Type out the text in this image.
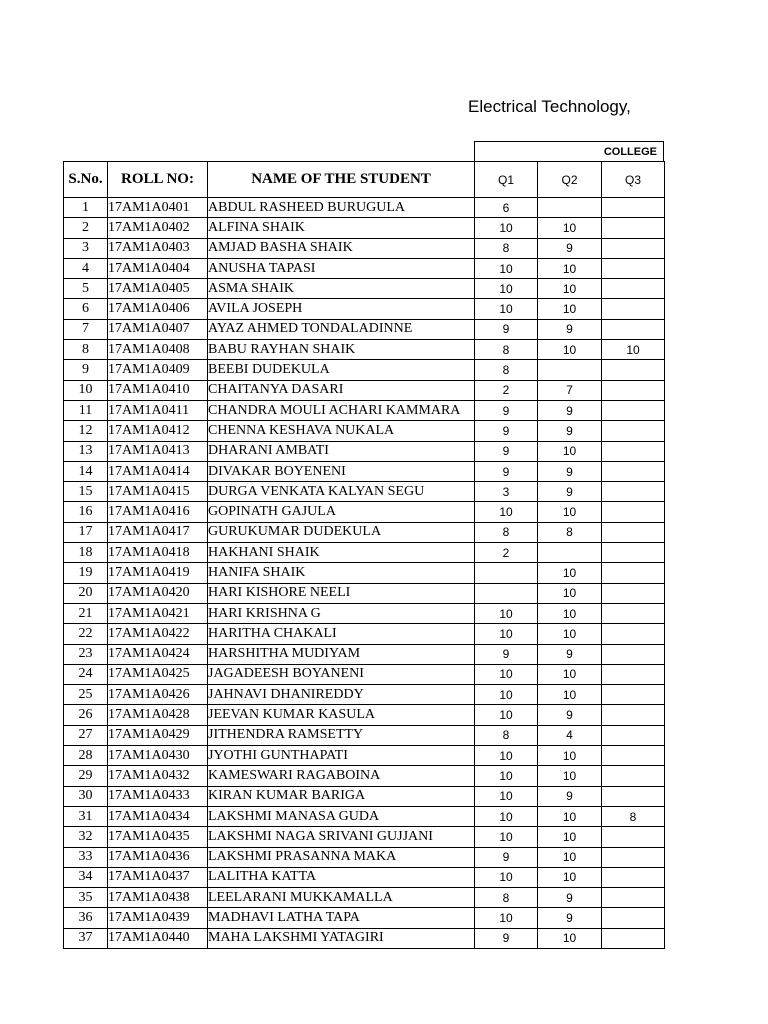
Electrical Technology,
COLLEGE
S.No.	ROLL NO:	NAME OF THE STUDENT	Q1	Q2	Q3
1	17AM1A0401	ABDUL RASHEED BURUGULA	6		
2	17AM1A0402	ALFINA SHAIK	10	10	
3	17AM1A0403	AMJAD BASHA SHAIK	8	9	
4	17AM1A0404	ANUSHA TAPASI	10	10	
5	17AM1A0405	ASMA SHAIK	10	10	
6	17AM1A0406	AVILA JOSEPH	10	10	
7	17AM1A0407	AYAZ AHMED TONDALADINNE	9	9	
8	17AM1A0408	BABU RAYHAN SHAIK	8	10	10
9	17AM1A0409	BEEBI DUDEKULA	8		
10	17AM1A0410	CHAITANYA DASARI	2	7	
11	17AM1A0411	CHANDRA MOULI ACHARI KAMMARA	9	9	
12	17AM1A0412	CHENNA KESHAVA NUKALA	9	9	
13	17AM1A0413	DHARANI AMBATI	9	10	
14	17AM1A0414	DIVAKAR BOYENENI	9	9	
15	17AM1A0415	DURGA VENKATA KALYAN SEGU	3	9	
16	17AM1A0416	GOPINATH GAJULA	10	10	
17	17AM1A0417	GURUKUMAR DUDEKULA	8	8	
18	17AM1A0418	HAKHANI SHAIK	2		
19	17AM1A0419	HANIFA SHAIK		10	
20	17AM1A0420	HARI KISHORE NEELI		10	
21	17AM1A0421	HARI KRISHNA G	10	10	
22	17AM1A0422	HARITHA CHAKALI	10	10	
23	17AM1A0424	HARSHITHA MUDIYAM	9	9	
24	17AM1A0425	JAGADEESH BOYANENI	10	10	
25	17AM1A0426	JAHNAVI DHANIREDDY	10	10	
26	17AM1A0428	JEEVAN KUMAR KASULA	10	9	
27	17AM1A0429	JITHENDRA RAMSETTY	8	4	
28	17AM1A0430	JYOTHI GUNTHAPATI	10	10	
29	17AM1A0432	KAMESWARI RAGABOINA	10	10	
30	17AM1A0433	KIRAN KUMAR BARIGA	10	9	
31	17AM1A0434	LAKSHMI MANASA GUDA	10	10	8
32	17AM1A0435	LAKSHMI NAGA SRIVANI GUJJANI	10	10	
33	17AM1A0436	LAKSHMI PRASANNA MAKA	9	10	
34	17AM1A0437	LALITHA KATTA	10	10	
35	17AM1A0438	LEELARANI MUKKAMALLA	8	9	
36	17AM1A0439	MADHAVI LATHA TAPA	10	9	
37	17AM1A0440	MAHA LAKSHMI YATAGIRI	9	10	
